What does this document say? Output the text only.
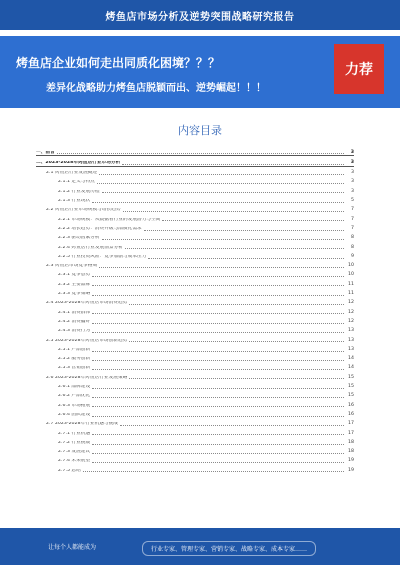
烤鱼店市场分析及逆势突围战略研究报告
烤鱼店企业如何走出同质化困境？？？
差异化战略助力烤鱼店脱颖而出、逆势崛起！！！
力荐
内容目录
一、前言	3
二、2023-2028年烤鱼店行业市场分析	3
2.1 烤鱼店行业发展概述	3
2.1.1 定义与特点	3
2.1.2 行业发展历程	3
2.1.3 行业现状	5
2.2 烤鱼店行业市场规模与增长趋势	7
2.2.1 市场规模：从数据看行业的发展潜力与空间	7
2.2.2 增长趋势：消费升级与品质化需求	7
2.2.3 驱动因素分析	8
2.2.4 烤鱼店行业发展前景分析	8
2.2.5 行业投资风险：竞争加剧与成本压力	9
2.3 烤鱼店市场竞争格局	10
2.3.1 竞争态势	10
2.3.2 主要品牌	11
2.3.3 竞争策略	11
2.4 2023-2028年烤鱼店市场消费趋势	12
2.4.1 消费群体	12
2.4.2 消费偏好	12
2.4.3 消费行为	13
2.5 2023-2028年烤鱼店市场创新趋势	13
2.5.1 产品创新	13
2.5.2 服务创新	14
2.5.3 营销创新	14
2.6 2023-2028年烤鱼店行业发展策略	15
2.6.1 品牌建设	15
2.6.2 产品优化	15
2.6.3 市场拓展	16
2.6.4 团队建设	16
2.7 2023-2028年行业机遇与挑战	17
2.7.1 行业机遇	17
2.7.2 行业挑战	18
2.7.3 发展建议	18
2.7.4 未来展望	19
2.7.5 总结	19
让每个人都能成为	行业专家、管理专家、营销专家、战略专家、成本专家……
